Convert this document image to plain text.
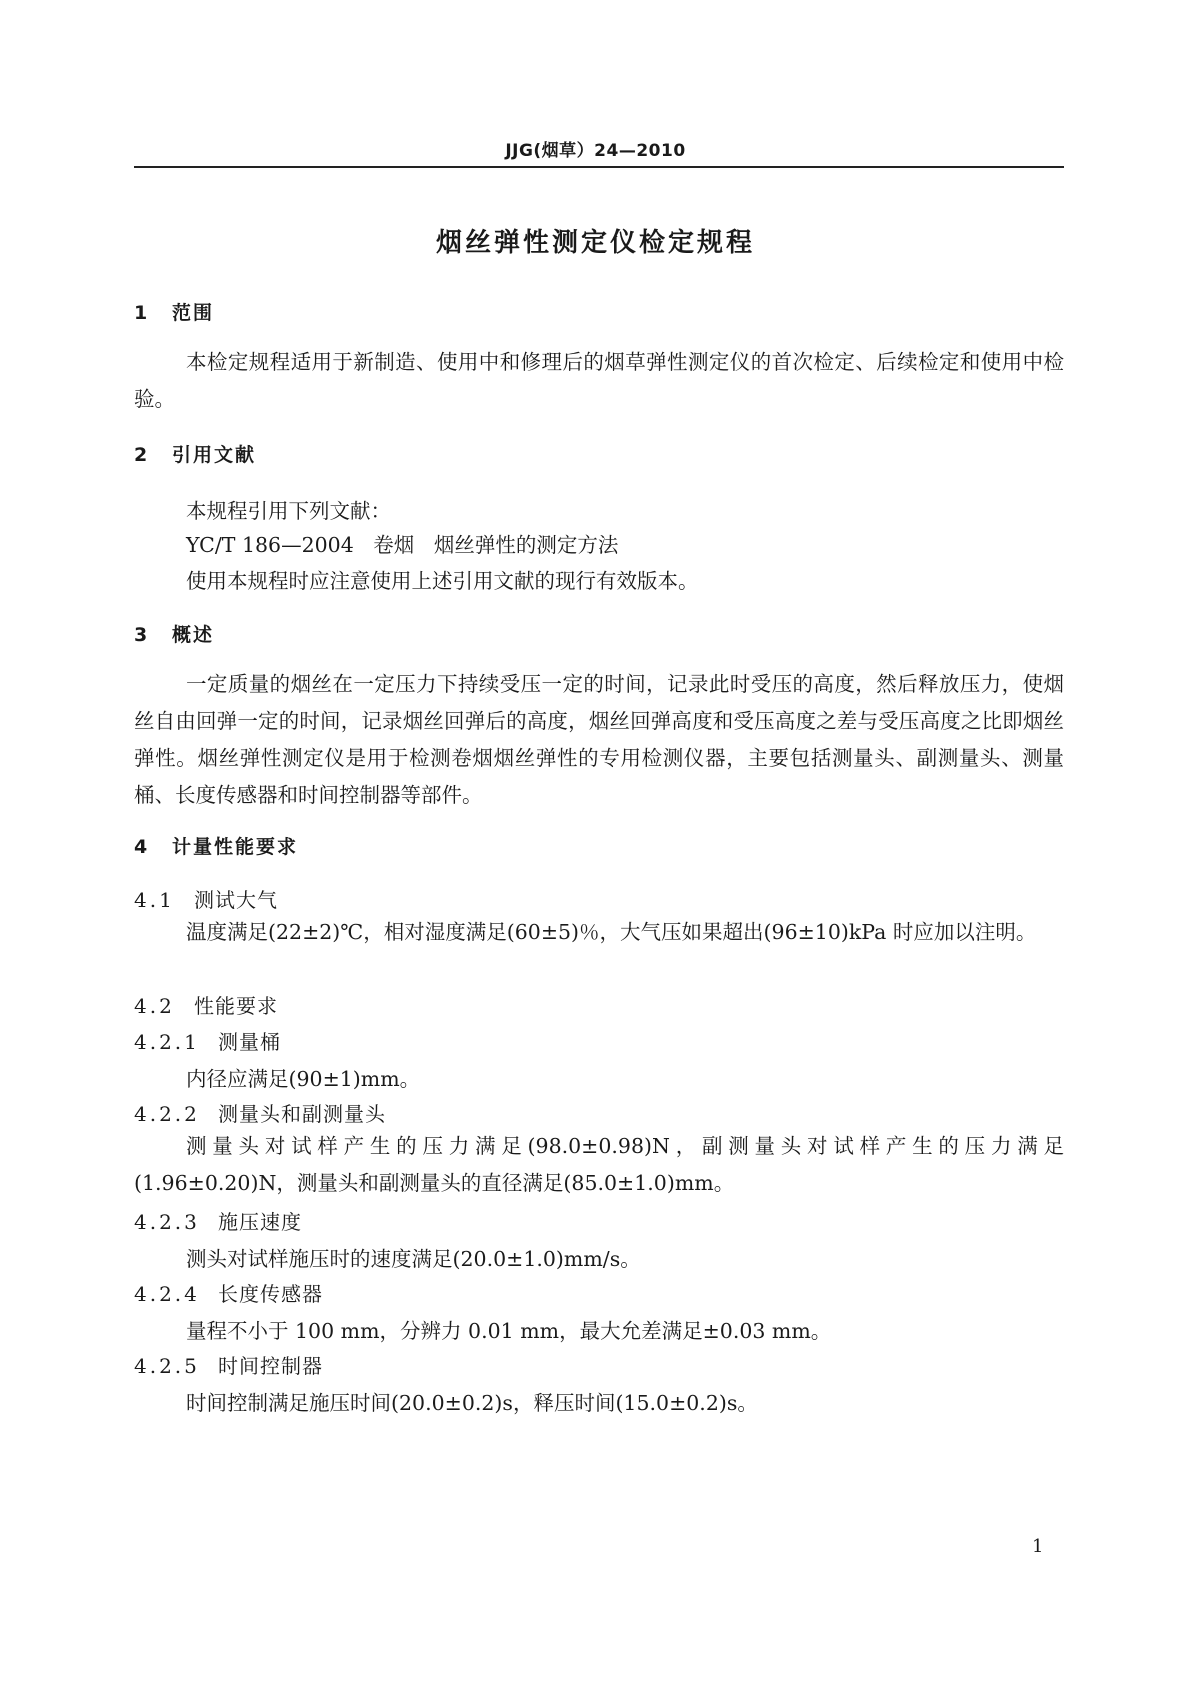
JJG(烟草）24—2010
烟丝弹性测定仪检定规程
1 范围
本检定规程适用于新制造、使用中和修理后的烟草弹性测定仪的首次检定、后续检定和使用中检验。
2 引用文献
本规程引用下列文献：
YC/T 186—2004   卷烟   烟丝弹性的测定方法
使用本规程时应注意使用上述引用文献的现行有效版本。
3 概述
一定质量的烟丝在一定压力下持续受压一定的时间，记录此时受压的高度，然后释放压力，使烟丝自由回弹一定的时间，记录烟丝回弹后的高度，烟丝回弹高度和受压高度之差与受压高度之比即烟丝弹性。烟丝弹性测定仪是用于检测卷烟烟丝弹性的专用检测仪器，主要包括测量头、副测量头、测量桶、长度传感器和时间控制器等部件。
4 计量性能要求
4.1 测试大气
温度满足(22±2)℃，相对湿度满足(60±5)％，大气压如果超出(96±10)kPa 时应加以注明。
4.2 性能要求
4.2.1 测量桶
内径应满足(90±1)mm。
4.2.2 测量头和副测量头
测量头对试样产生的压力满足(98.0±0.98)N，副测量头对试样产生的压力满足(1.96±0.20)N，测量头和副测量头的直径满足(85.0±1.0)mm。
4.2.3 施压速度
测头对试样施压时的速度满足(20.0±1.0)mm/s。
4.2.4 长度传感器
量程不小于 100 mm，分辨力 0.01 mm，最大允差满足±0.03 mm。
4.2.5 时间控制器
时间控制满足施压时间(20.0±0.2)s，释压时间(15.0±0.2)s。
1
